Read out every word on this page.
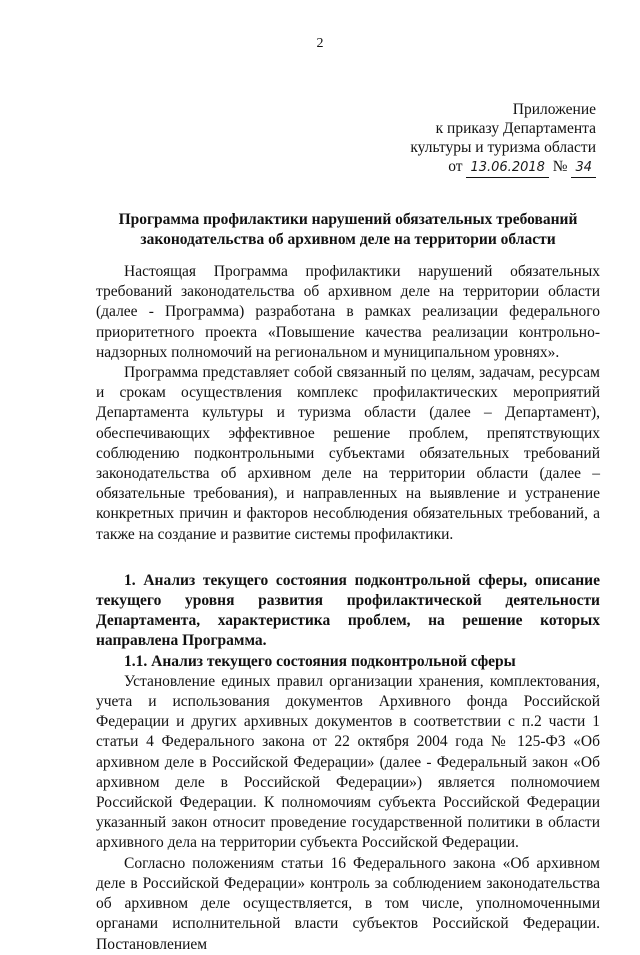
2
Приложение
к приказу Департамента
культуры и туризма области
от 13.06.2018 № 34
Программа профилактики нарушений обязательных требований законодательства об архивном деле на территории области

Настоящая Программа профилактики нарушений обязательных требований законодательства об архивном деле на территории области (далее - Программа) разработана в рамках реализации федерального приоритетного проекта «Повышение качества реализации контрольно-надзорных полномочий на региональном и муниципальном уровнях».

Программа представляет собой связанный по целям, задачам, ресурсам и срокам осуществления комплекс профилактических мероприятий Департамента культуры и туризма области (далее – Департамент), обеспечивающих эффективное решение проблем, препятствующих соблюдению подконтрольными субъектами обязательных требований законодательства об архивном деле на территории области (далее – обязательные требования), и направленных на выявление и устранение конкретных причин и факторов несоблюдения обязательных требований, а также на создание и развитие системы профилактики.

1. Анализ текущего состояния подконтрольной сферы, описание текущего уровня развития профилактической деятельности Департамента, характеристика проблем, на решение которых направлена Программа.

1.1. Анализ текущего состояния подконтрольной сферы

Установление единых правил организации хранения, комплектования, учета и использования документов Архивного фонда Российской Федерации и других архивных документов в соответствии с п.2 части 1 статьи 4 Федерального закона от 22 октября 2004 года № 125-ФЗ «Об архивном деле в Российской Федерации» (далее - Федеральный закон «Об архивном деле в Российской Федерации») является полномочием Российской Федерации. К полномочиям субъекта Российской Федерации указанный закон относит проведение государственной политики в области архивного дела на территории субъекта Российской Федерации.

Согласно положениям статьи 16 Федерального закона «Об архивном деле в Российской Федерации» контроль за соблюдением законодательства об архивном деле осуществляется, в том числе, уполномоченными органами исполнительной власти субъектов Российской Федерации. Постановлением
